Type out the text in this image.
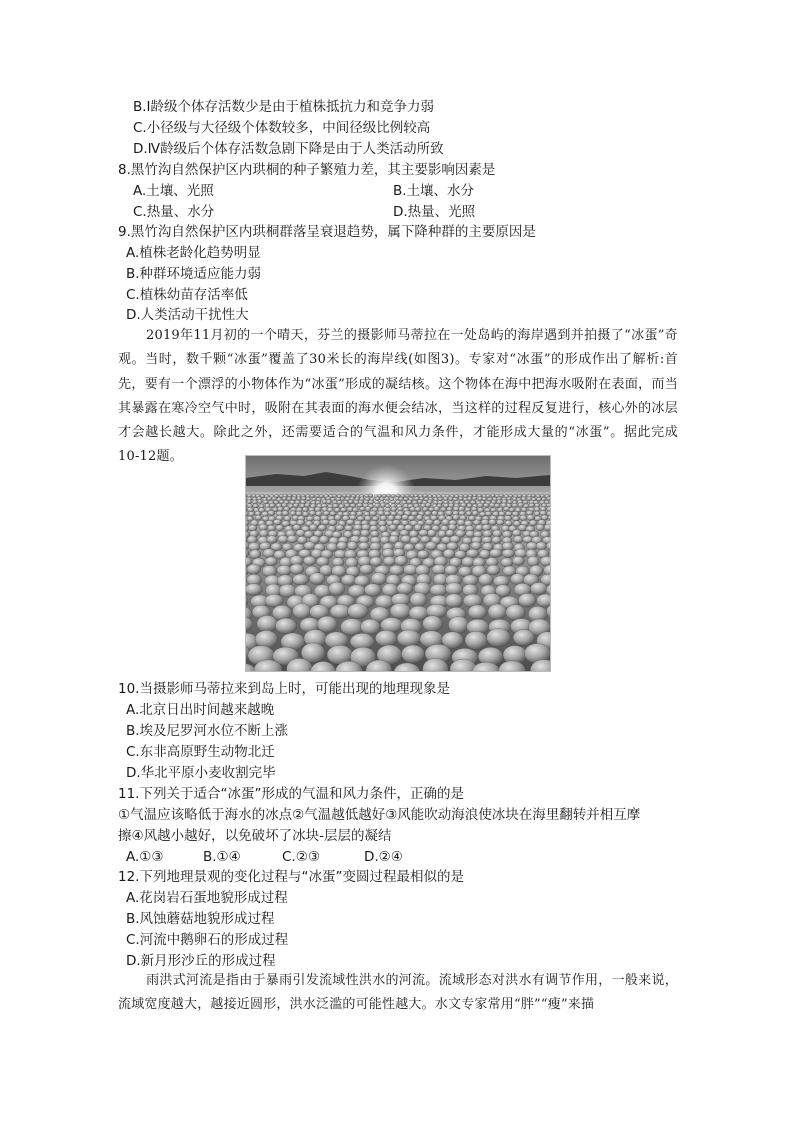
B.Ⅰ龄级个体存活数少是由于植株抵抗力和竞争力弱
C.小径级与大径级个体数较多，中间径级比例较高
D.Ⅳ龄级后个体存活数急剧下降是由于人类活动所致
8.黑竹沟自然保护区内珙桐的种子繁殖力差，其主要影响因素是
A.土壤、光照	B.土壤、水分
C.热量、水分	D.热量、光照
9.黑竹沟自然保护区内珙桐群落呈衰退趋势，属下降种群的主要原因是
A.植株老龄化趋势明显
B.种群环境适应能力弱
C.植株幼苗存活率低
D.人类活动干扰性大
2019年11月初的一个晴天，芬兰的摄影师马蒂拉在一处岛屿的海岸遇到并拍摄了“冰蛋”奇观。当时，数千颗“冰蛋”覆盖了30米长的海岸线(如图3)。专家对“冰蛋”的形成作出了解析:首先，要有一个漂浮的小物体作为“冰蛋”形成的凝结核。这个物体在海中把海水吸附在表面，而当其暴露在寒冷空气中时，吸附在其表面的海水便会结冰，当这样的过程反复进行，核心外的冰层才会越长越大。除此之外，还需要适合的气温和风力条件，才能形成大量的“冰蛋”。据此完成10-12题。
10.当摄影师马蒂拉来到岛上时，可能出现的地理现象是
A.北京日出时间越来越晚
B.埃及尼罗河水位不断上涨
C.东非高原野生动物北迁
D.华北平原小麦收割完毕
11.下列关于适合“冰蛋”形成的气温和风力条件，正确的是
①气温应该略低于海水的冰点②气温越低越好③风能吹动海浪使冰块在海里翻转并相互摩
擦④风越小越好，以免破坏了冰块-层层的凝结
A.①③	B.①④	C.②③	D.②④
12.下列地理景观的变化过程与“冰蛋”变圆过程最相似的是
A.花岗岩石蛋地貌形成过程
B.风蚀蘑菇地貌形成过程
C.河流中鹅卵石的形成过程
D.新月形沙丘的形成过程
雨洪式河流是指由于暴雨引发流域性洪水的河流。流域形态对洪水有调节作用，一般来说，流域宽度越大，越接近圆形，洪水泛滥的可能性越大。水文专家常用“胖”“瘦”来描
